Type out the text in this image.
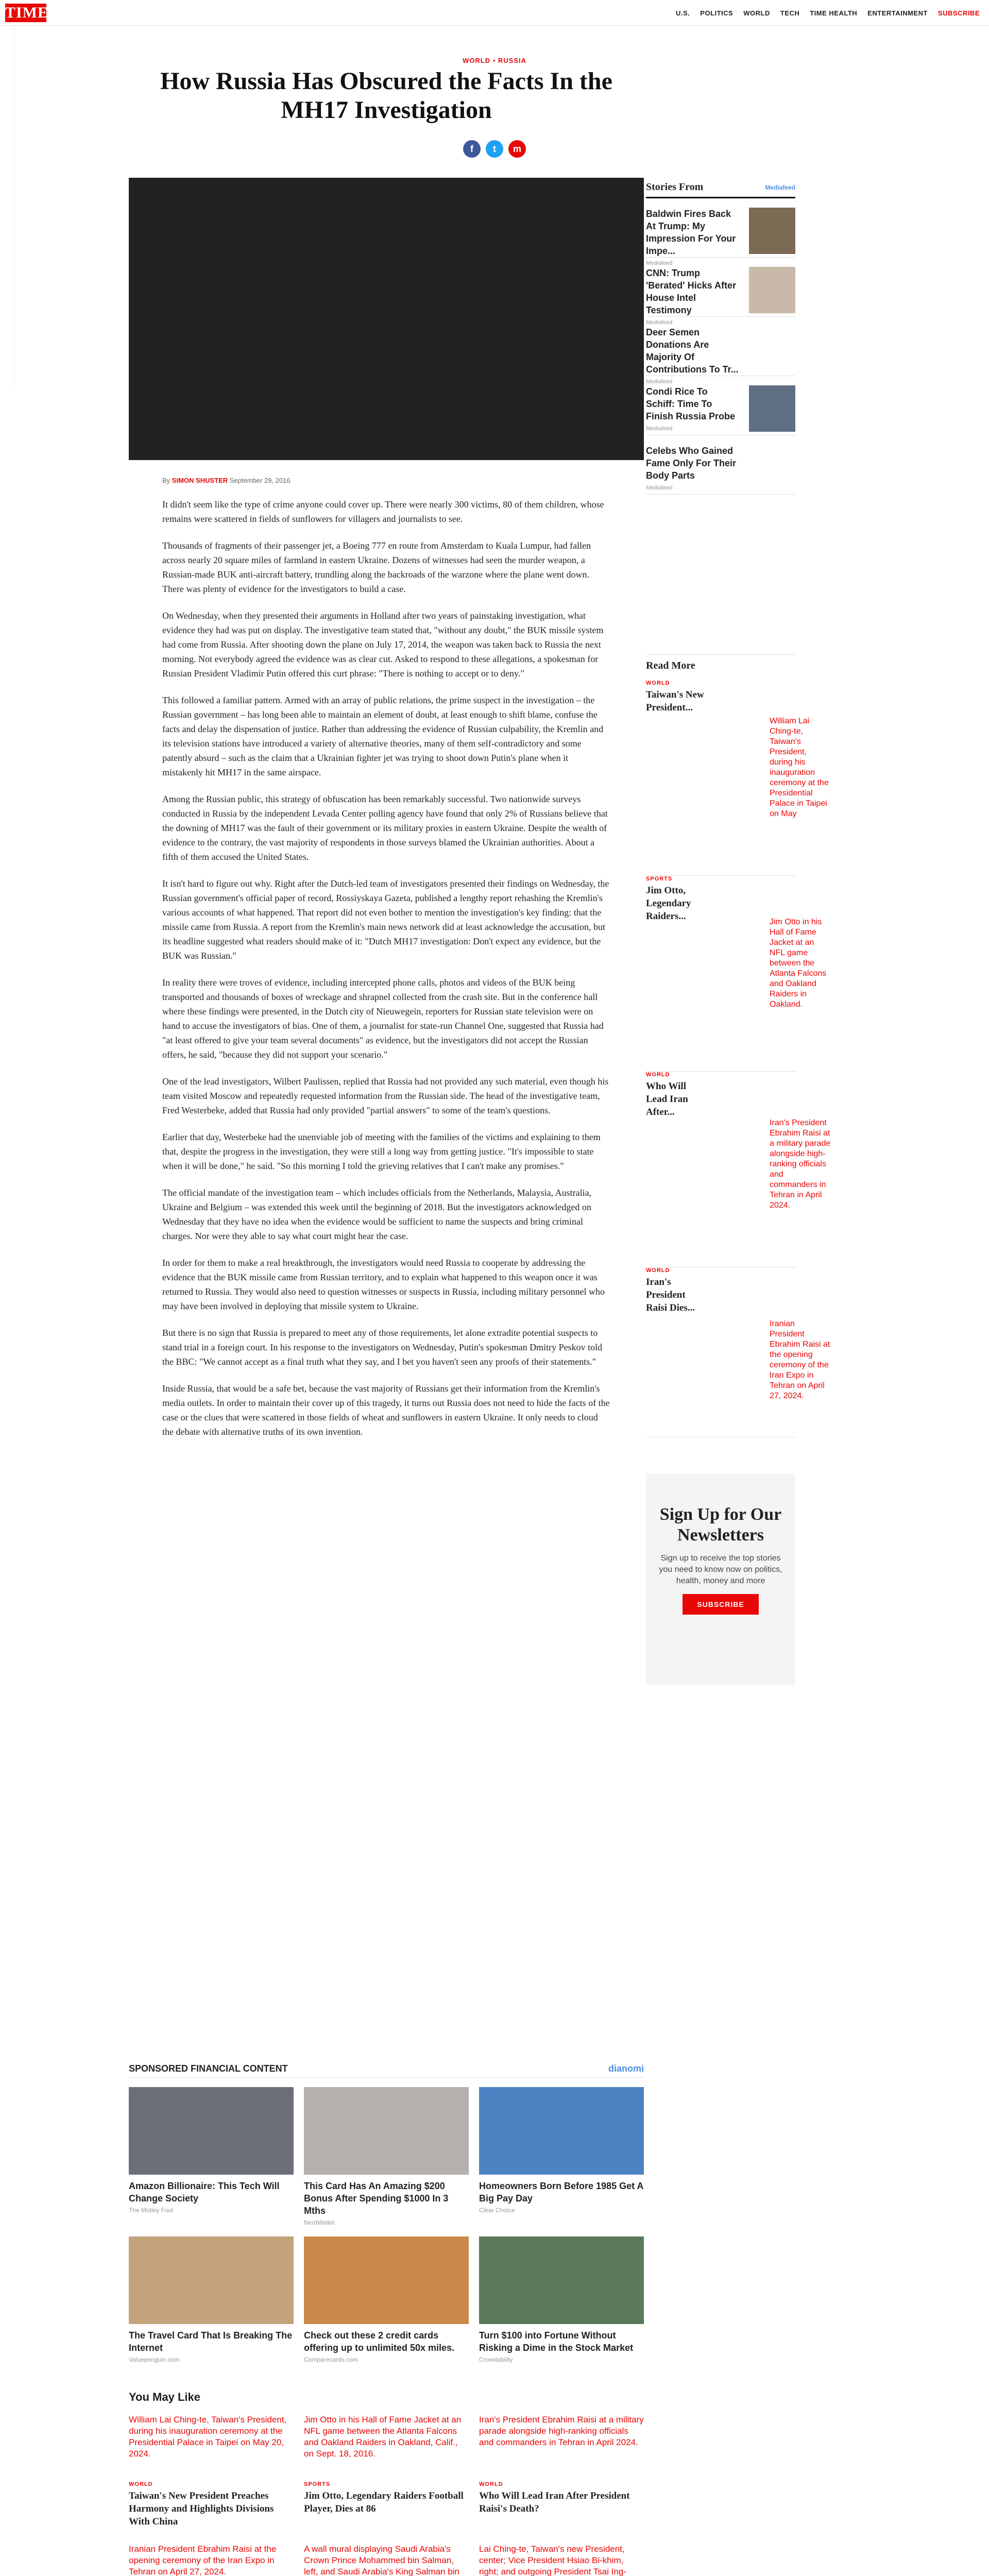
TIME	U.S. POLITICS WORLD TECH TIME HEALTH ENTERTAINMENT SUBSCRIBE
WORLD • RUSSIA
How Russia Has Obscured the Facts In the MH17 Investigation
f	t	m
By SIMON SHUSTER September 29, 2016

It didn't seem like the type of crime anyone could cover up. There were nearly 300 victims, 80 of them children, whose remains were scattered in fields of sunflowers for villagers and journalists to see.

Thousands of fragments of their passenger jet, a Boeing 777 en route from Amsterdam to Kuala Lumpur, had fallen across nearly 20 square miles of farmland in eastern Ukraine. Dozens of witnesses had seen the murder weapon, a Russian-made BUK anti-aircraft battery, trundling along the backroads of the warzone where the plane went down. There was plenty of evidence for the investigators to build a case.

On Wednesday, when they presented their arguments in Holland after two years of painstaking investigation, what evidence they had was put on display. The investigative team stated that, "without any doubt," the BUK missile system had come from Russia. After shooting down the plane on July 17, 2014, the weapon was taken back to Russia the next morning. Not everybody agreed the evidence was as clear cut. Asked to respond to these allegations, a spokesman for Russian President Vladimir Putin offered this curt phrase: "There is nothing to accept or to deny."

This followed a familiar pattern. Armed with an array of public relations, the prime suspect in the investigation – the Russian government – has long been able to maintain an element of doubt, at least enough to shift blame, confuse the facts and delay the dispensation of justice. Rather than addressing the evidence of Russian culpability, the Kremlin and its television stations have introduced a variety of alternative theories, many of them self-contradictory and some patently absurd – such as the claim that a Ukrainian fighter jet was trying to shoot down Putin's plane when it mistakenly hit MH17 in the same airspace.

Among the Russian public, this strategy of obfuscation has been remarkably successful. Two nationwide surveys conducted in Russia by the independent Levada Center polling agency have found that only 2% of Russians believe that the downing of MH17 was the fault of their government or its military proxies in eastern Ukraine. Despite the wealth of evidence to the contrary, the vast majority of respondents in those surveys blamed the Ukrainian authorities. About a fifth of them accused the United States.

It isn't hard to figure out why. Right after the Dutch-led team of investigators presented their findings on Wednesday, the Russian government's official paper of record, Rossiyskaya Gazeta, published a lengthy report rehashing the Kremlin's various accounts of what happened. That report did not even bother to mention the investigation's key finding: that the missile came from Russia. A report from the Kremlin's main news network did at least acknowledge the accusation, but its headline suggested what readers should make of it: "Dutch MH17 investigation: Don't expect any evidence, but the BUK was Russian."

In reality there were troves of evidence, including intercepted phone calls, photos and videos of the BUK being transported and thousands of boxes of wreckage and shrapnel collected from the crash site. But in the conference hall where these findings were presented, in the Dutch city of Nieuwegein, reporters for Russian state television were on hand to accuse the investigators of bias. One of them, a journalist for state-run Channel One, suggested that Russia had "at least offered to give your team several documents" as evidence, but the investigators did not accept the Russian offers, he said, "because they did not support your scenario."

One of the lead investigators, Wilbert Paulissen, replied that Russia had not provided any such material, even though his team visited Moscow and repeatedly requested information from the Russian side. The head of the investigative team, Fred Westerbeke, added that Russia had only provided "partial answers" to some of the team's questions.

Earlier that day, Westerbeke had the unenviable job of meeting with the families of the victims and explaining to them that, despite the progress in the investigation, they were still a long way from getting justice. "It's impossible to state when it will be done," he said. "So this morning I told the grieving relatives that I can't make any promises."

The official mandate of the investigation team – which includes officials from the Netherlands, Malaysia, Australia, Ukraine and Belgium – was extended this week until the beginning of 2018. But the investigators acknowledged on Wednesday that they have no idea when the evidence would be sufficient to name the suspects and bring criminal charges. Nor were they able to say what court might hear the case.

In order for them to make a real breakthrough, the investigators would need Russia to cooperate by addressing the evidence that the BUK missile came from Russian territory, and to explain what happened to this weapon once it was returned to Russia. They would also need to question witnesses or suspects in Russia, including military personnel who may have been involved in deploying that missile system to Ukraine.

But there is no sign that Russia is prepared to meet any of those requirements, let alone extradite potential suspects to stand trial in a foreign court. In his response to the investigators on Wednesday, Putin's spokesman Dmitry Peskov told the BBC: "We cannot accept as a final truth what they say, and I bet you haven't seen any proofs of their statements."

Inside Russia, that would be a safe bet, because the vast majority of Russians get their information from the Kremlin's media outlets. In order to maintain their cover up of this tragedy, it turns out Russia does not need to hide the facts of the case or the clues that were scattered in those fields of wheat and sunflowers in eastern Ukraine. It only needs to cloud the debate with alternative truths of its own invention.

Stories From	Mediafeed
Baldwin Fires Back At Trump: My Impression For Your Impe...
Mediafeed
CNN: Trump 'Berated' Hicks After House Intel Testimony
Mediafeed
Deer Semen Donations Are Majority Of Contributions To Tr...
Mediafeed
Condi Rice To Schiff: Time To Finish Russia Probe
Mediafeed
Celebs Who Gained Fame Only For Their Body Parts
Mediafeed
Read More
WORLD
Taiwan's New President...
William Lai Ching-te, Taiwan's President, during his inauguration ceremony at the Presidential Palace in Taipei on May
SPORTS
Jim Otto, Legendary Raiders...
Jim Otto in his Hall of Fame Jacket at an NFL game between the Atlanta Falcons and Oakland Raiders in Oakland.
WORLD
Who Will Lead Iran After...
Iran's President Ebrahim Raisi at a military parade alongside high-ranking officials and commanders in Tehran in April 2024.
WORLD
Iran's President Raisi Dies...
Iranian President Ebrahim Raisi at the opening ceremony of the Iran Expo in Tehran on April 27, 2024.
Sign Up for Our Newsletters

Sign up to receive the top stories you need to know now on politics, health, money and more

SUBSCRIBE
SPONSORED FINANCIAL CONTENT	dianomi
Amazon Billionaire: This Tech Will Change Society
The Motley Fool
This Card Has An Amazing $200 Bonus After Spending $1000 In 3 Mths
NerdWallet
Homeowners Born Before 1985 Get A Big Pay Day
Clear Choice
The Travel Card That Is Breaking The Internet
Valuepenguin.com
Check out these 2 credit cards offering up to unlimited 50x miles.
Comparecards.com
Turn $100 into Fortune Without Risking a Dime in the Stock Market
Crowdability
You May Like
William Lai Ching-te, Taiwan's President, during his inauguration ceremony at the Presidential Palace in Taipei on May 20, 2024.
WORLD
Taiwan's New President Preaches Harmony and Highlights Divisions With China
Jim Otto in his Hall of Fame Jacket at an NFL game between the Atlanta Falcons and Oakland Raiders in Oakland, Calif., on Sept. 18, 2016.
SPORTS
Jim Otto, Legendary Raiders Football Player, Dies at 86
Iran's President Ebrahim Raisi at a military parade alongside high-ranking officials and commanders in Tehran in April 2024.
WORLD
Who Will Lead Iran After President Raisi's Death?
Iranian President Ebrahim Raisi at the opening ceremony of the Iran Expo in Tehran on April 27, 2024.
A wall mural displaying Saudi Arabia's Crown Prince Mohammed bin Salman, left, and Saudi Arabia's King Salman bin
Lai Ching-te, Taiwan's new President, center; Vice President Hsiao Bi-khim, right; and outgoing President Tsai Ing-
